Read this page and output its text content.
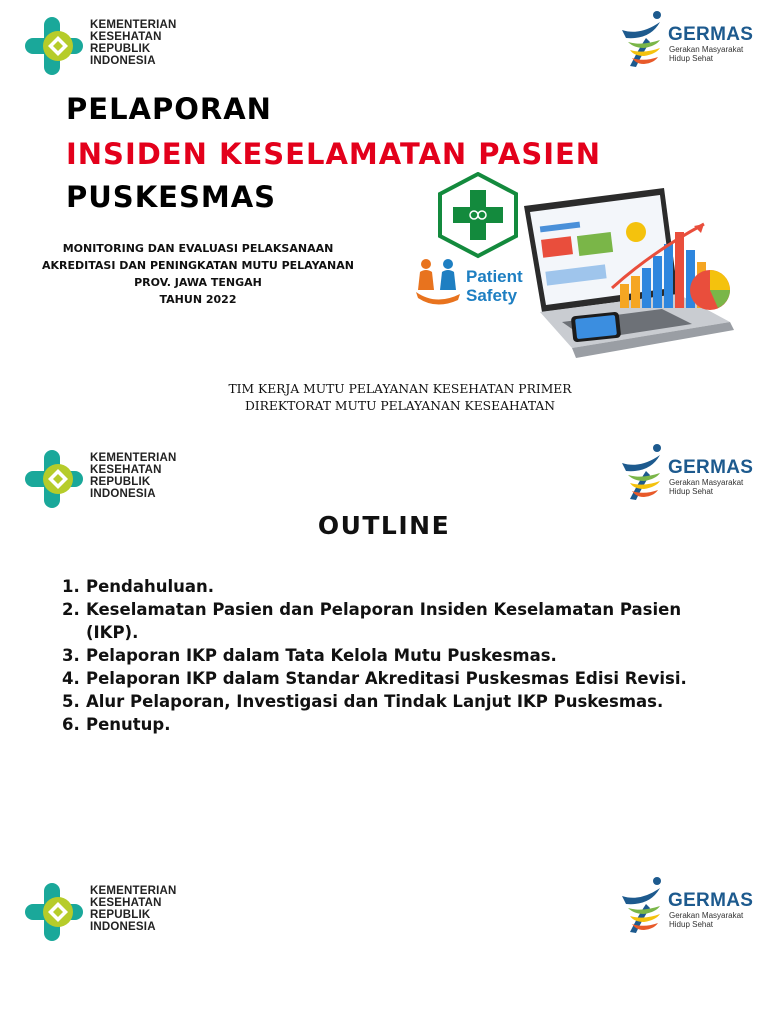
KEMENTERIAN
KESEHATAN
REPUBLIK
INDONESIA
GERMAS
Gerakan Masyarakat
Hidup Sehat
PELAPORAN
INSIDEN KESELAMATAN PASIEN
PUSKESMAS
MONITORING DAN EVALUASI PELAKSANAAN
AKREDITASI DAN PENINGKATAN MUTU PELAYANAN
PROV. JAWA TENGAH
TAHUN 2022
Patient
Safety
TIM KERJA MUTU PELAYANAN KESEHATAN PRIMER
DIREKTORAT MUTU PELAYANAN KESEAHATAN
KEMENTERIAN
KESEHATAN
REPUBLIK
INDONESIA
GERMAS
Gerakan Masyarakat
Hidup Sehat
OUTLINE
1. Pendahuluan.
2. Keselamatan Pasien dan Pelaporan Insiden Keselamatan Pasien (IKP).
3. Pelaporan IKP dalam Tata Kelola Mutu Puskesmas.
4. Pelaporan IKP dalam Standar Akreditasi Puskesmas Edisi Revisi.
5. Alur Pelaporan, Investigasi dan Tindak Lanjut IKP Puskesmas.
6. Penutup.
KEMENTERIAN
KESEHATAN
REPUBLIK
INDONESIA
GERMAS
Gerakan Masyarakat
Hidup Sehat
